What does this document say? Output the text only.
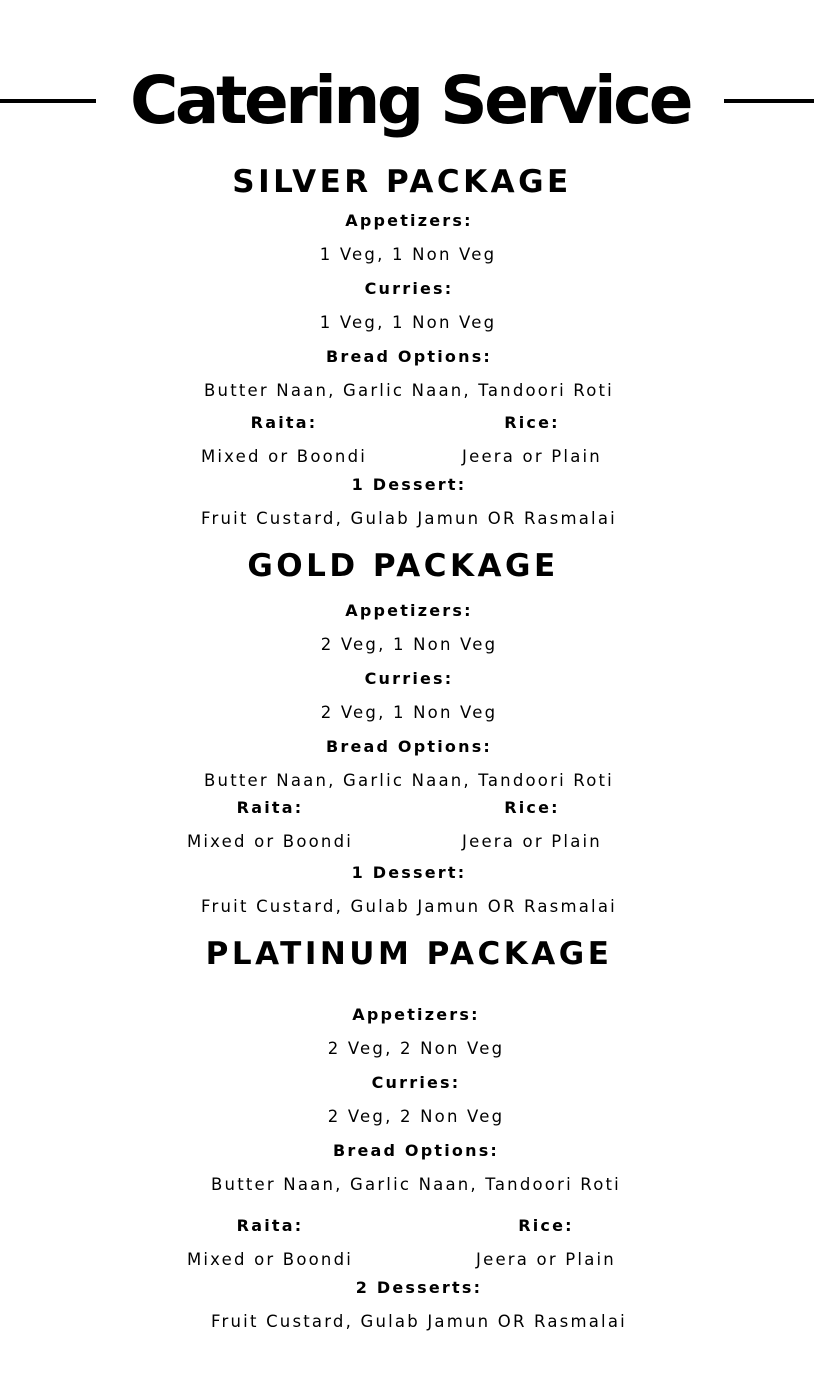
Catering Service
SILVER PACKAGE
Appetizers:
1 Veg, 1 Non Veg
Curries:
1 Veg, 1 Non Veg
Bread Options:
Butter Naan, Garlic Naan, Tandoori Roti
Raita:	Rice:
Mixed or Boondi	Jeera or Plain
1 Dessert:
Fruit Custard, Gulab Jamun OR Rasmalai
GOLD PACKAGE
Appetizers:
2 Veg, 1 Non Veg
Curries:
2 Veg, 1 Non Veg
Bread Options:
Butter Naan, Garlic Naan, Tandoori Roti
Raita:	Rice:
Mixed or Boondi	Jeera or Plain
1 Dessert:
Fruit Custard, Gulab Jamun OR Rasmalai
PLATINUM PACKAGE
Appetizers:
2 Veg, 2 Non Veg
Curries:
2 Veg, 2 Non Veg
Bread Options:
Butter Naan, Garlic Naan, Tandoori Roti
Raita:	Rice:
Mixed or Boondi	Jeera or Plain
2 Desserts:
Fruit Custard, Gulab Jamun OR Rasmalai
